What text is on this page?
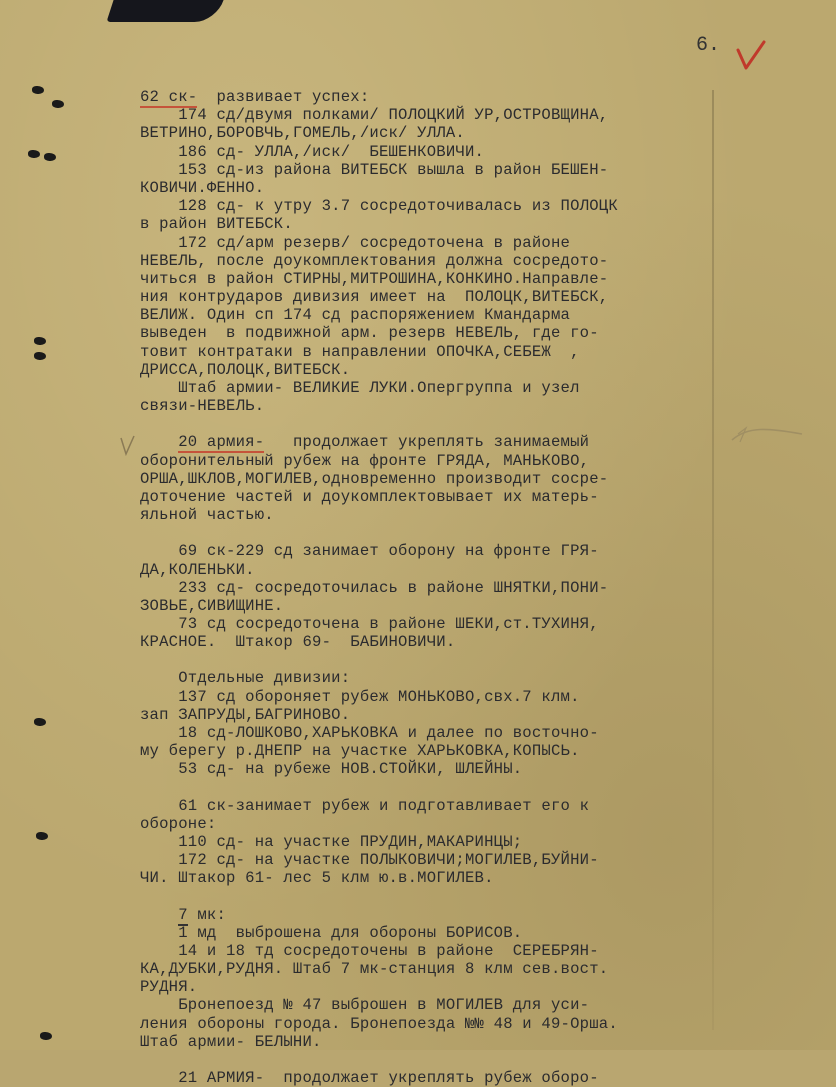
6.
62 ск-  развивает успех:
174 сд/двумя полками/ ПОЛОЦКИЙ УР,ОСТРОВЩИНА,
ВЕТРИНО,БОРОВЧЬ,ГОМЕЛЬ,/иск/ УЛЛА.
186 сд- УЛЛА,/иск/  БЕШЕНКОВИЧИ.
153 сд-из района ВИТЕБСК вышла в район БЕШЕН-
КОВИЧИ.ФЕННО.
128 сд- к утру 3.7 сосредоточивалась из ПОЛОЦК
в район ВИТЕБСК.
172 сд/арм резерв/ сосредоточена в районе
НЕВЕЛЬ, после доукомплектования должна сосредото-
читься в район СТИРНЫ,МИТРОШИНА,КОНКИНО.Направле-
ния контрударов дивизия имеет на  ПОЛОЦК,ВИТЕБСК,
ВЕЛИЖ. Один сп 174 сд распоряжением Кмандарма
выведен  в подвижной арм. резерв НЕВЕЛЬ, где го-
товит контратаки в направлении ОПОЧКА,СЕБЕЖ  ,
ДРИССА,ПОЛОЦК,ВИТЕБСК.
Штаб армии- ВЕЛИКИЕ ЛУКИ.Опергруппа и узел
связи-НЕВЕЛЬ.
20 армия-   продолжает укреплять занимаемый
оборонительный рубеж на фронте ГРЯДА, МАНЬКОВО,
ОРША,ШКЛОВ,МОГИЛЕВ,одновременно производит сосре-
доточение частей и доукомплектовывает их матерь-
яльной частью.
69 ск-229 сд занимает оборону на фронте ГРЯ-
ДА,КОЛЕНЬКИ.
233 сд- сосредоточилась в районе ШНЯТКИ,ПОНИ-
ЗОВЬЕ,СИВИЩИНЕ.
73 сд сосредоточена в районе ШЕКИ,ст.ТУХИНЯ,
КРАСНОЕ.  Штакор 69-  БАБИНОВИЧИ.
Отдельные дивизии:
137 сд обороняет рубеж МОНЬКОВО,свх.7 клм.
зап ЗАПРУДЫ,БАГРИНОВО.
18 сд-ЛОШКОВО,ХАРЬКОВКА и далее по восточно-
му берегу р.ДНЕПР на участке ХАРЬКОВКА,КОПЫСЬ.
53 сд- на рубеже НОВ.СТОЙКИ, ШЛЕЙНЫ.
61 ск-занимает рубеж и подготавливает его к
обороне:
110 сд- на участке ПРУДИН,МАКАРИНЦЫ;
172 сд- на участке ПОЛЫКОВИЧИ;МОГИЛЕВ,БУЙНИ-
ЧИ. Штакор 61- лес 5 клм ю.в.МОГИЛЕВ.
7 мк:
1 мд  выброшена для обороны БОРИСОВ.
14 и 18 тд сосредоточены в районе  СЕРЕБРЯН-
КА,ДУБКИ,РУДНЯ. Штаб 7 мк-станция 8 клм сев.вост.
РУДНЯ.
Бронепоезд № 47 выброшен в МОГИЛЕВ для уси-
ления обороны города. Бронепоезда №№ 48 и 49-Орша.
Штаб армии- БЕЛЫНИ.
21 АРМИЯ-  продолжает укреплять рубеж оборо-
